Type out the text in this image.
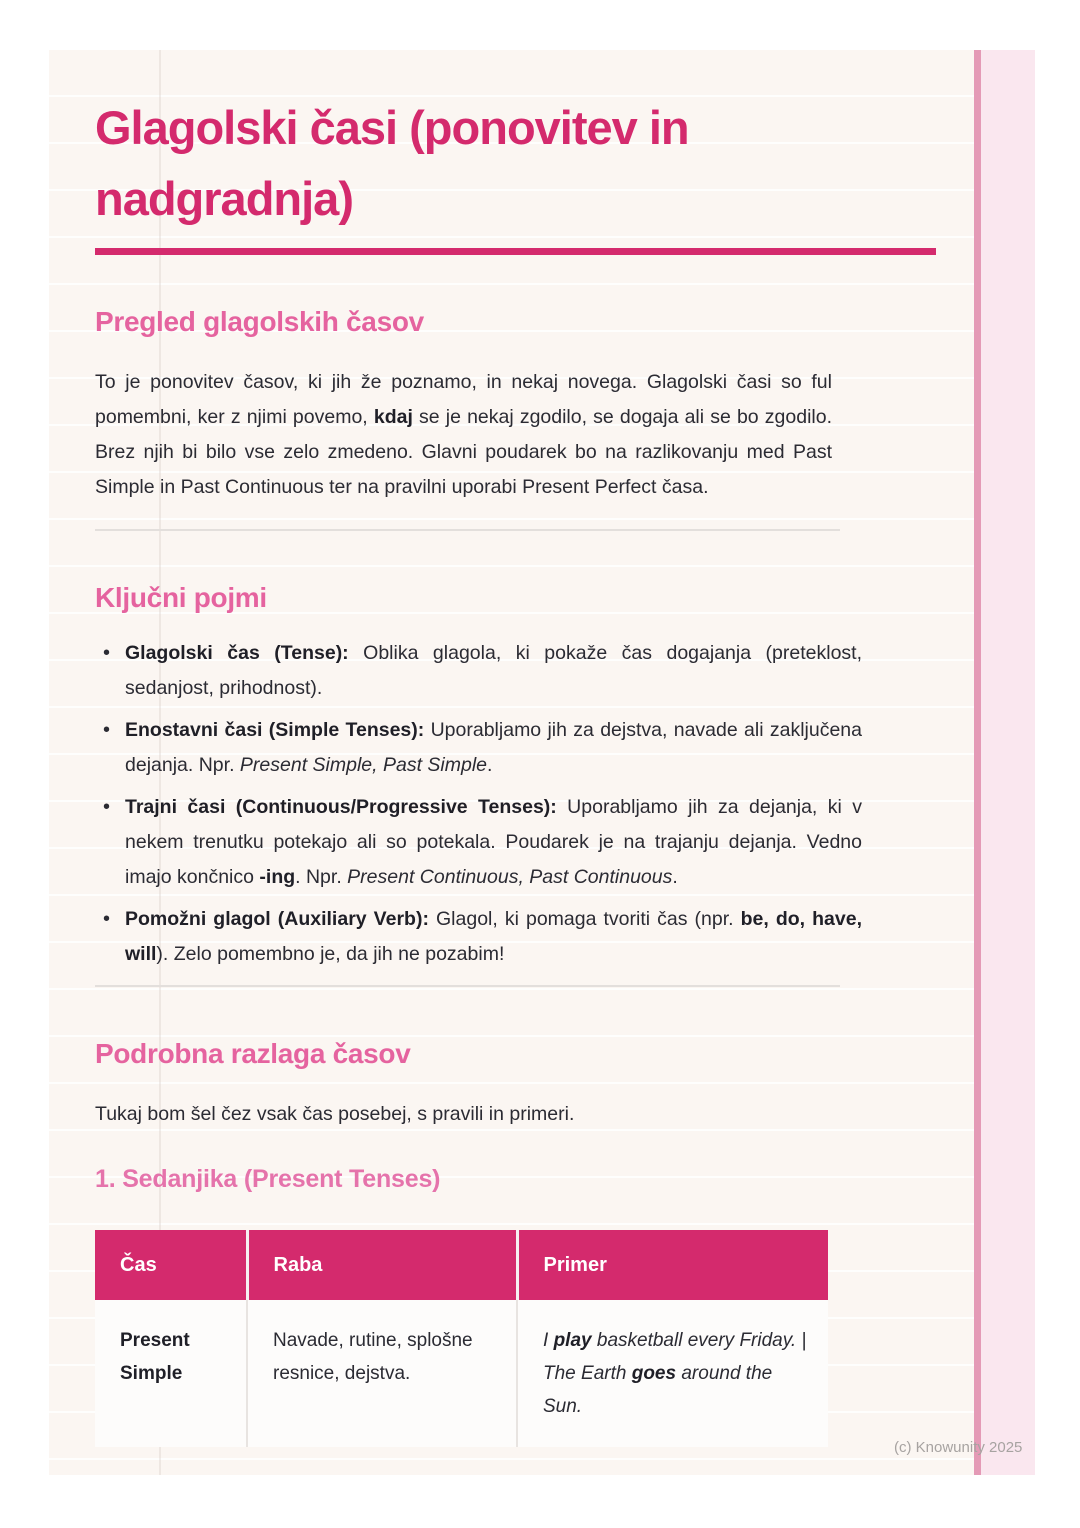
Glagolski časi (ponovitev in nadgradnja)
Pregled glagolskih časov

To je ponovitev časov, ki jih že poznamo, in nekaj novega. Glagolski časi so ful pomembni, ker z njimi povemo, kdaj se je nekaj zgodilo, se dogaja ali se bo zgodilo. Brez njih bi bilo vse zelo zmedeno. Glavni poudarek bo na razlikovanju med Past Simple in Past Continuous ter na pravilni uporabi Present Perfect časa.

Ključni pojmi
• Glagolski čas (Tense): Oblika glagola, ki pokaže čas dogajanja (preteklost, sedanjost, prihodnost).
• Enostavni časi (Simple Tenses): Uporabljamo jih za dejstva, navade ali zaključena dejanja. Npr. Present Simple, Past Simple.
• Trajni časi (Continuous/Progressive Tenses): Uporabljamo jih za dejanja, ki v nekem trenutku potekajo ali so potekala. Poudarek je na trajanju dejanja. Vedno imajo končnico -ing. Npr. Present Continuous, Past Continuous.
• Pomožni glagol (Auxiliary Verb): Glagol, ki pomaga tvoriti čas (npr. be, do, have, will). Zelo pomembno je, da jih ne pozabim!
Podrobna razlaga časov

Tukaj bom šel čez vsak čas posebej, s pravili in primeri.

1. Sedanjika (Present Tenses)
Čas	Raba	Primer
Present Simple	Navade, rutine, splošne resnice, dejstva.	I play basketball every Friday. | The Earth goes around the Sun.
(c) Knowunity 2025
